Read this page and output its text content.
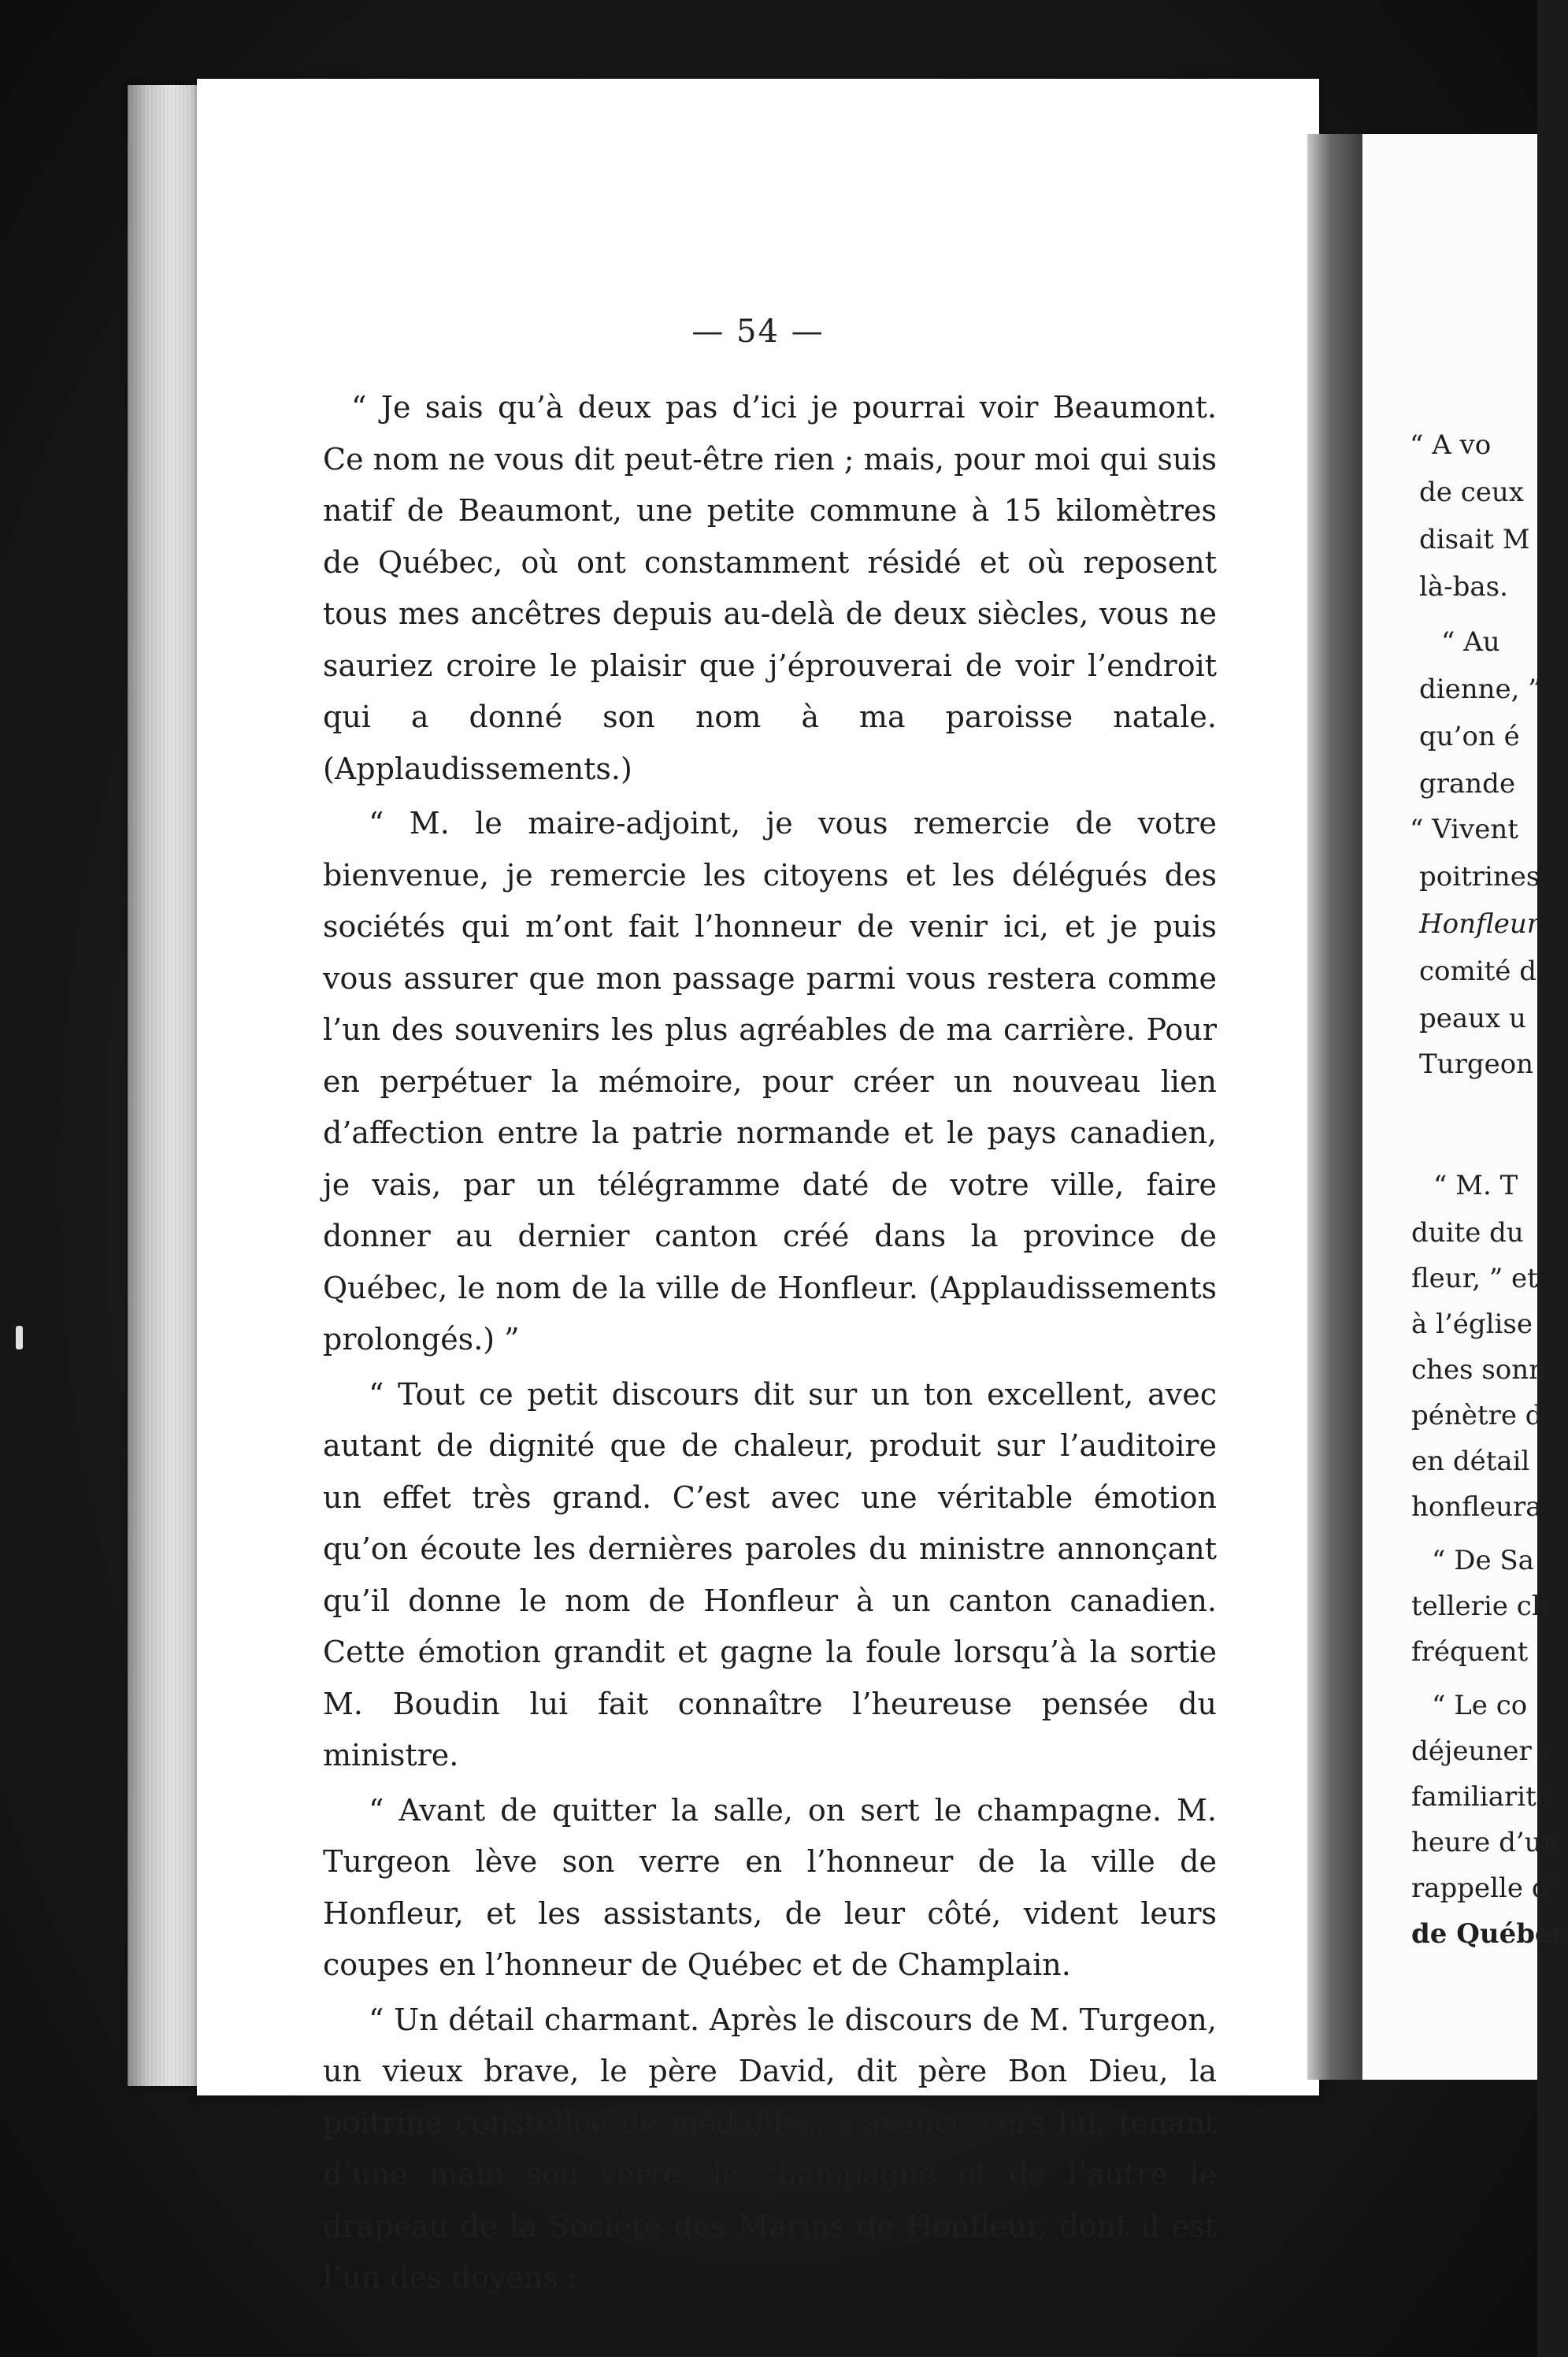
— 54 —

“ Je sais qu’à deux pas d’ici je pourrai voir Beaumont. Ce nom ne vous dit peut-être rien ; mais, pour moi qui suis natif de Beaumont, une petite commune à 15 kilomètres de Québec, où ont constamment résidé et où reposent tous mes ancêtres depuis au-delà de deux siècles, vous ne sauriez croire le plaisir que j’éprouverai de voir l’endroit qui a donné son nom à ma paroisse natale. (Applaudissements.)

“ M. le maire-adjoint, je vous remercie de votre bienvenue, je remercie les citoyens et les délégués des sociétés qui m’ont fait l’honneur de venir ici, et je puis vous assurer que mon passage parmi vous restera comme l’un des souvenirs les plus agréables de ma carrière. Pour en perpétuer la mémoire, pour créer un nouveau lien d’affection entre la patrie normande et le pays canadien, je vais, par un télégramme daté de votre ville, faire donner au dernier canton créé dans la province de Québec, le nom de la ville de Honfleur. (Applaudissements prolongés.) ”

“ Tout ce petit discours dit sur un ton excellent, avec autant de dignité que de chaleur, produit sur l’auditoire un effet très grand. C’est avec une véritable émotion qu’on écoute les dernières paroles du ministre annonçant qu’il donne le nom de Honfleur à un canton canadien. Cette émotion grandit et gagne la foule lorsqu’à la sortie M. Boudin lui fait connaître l’heureuse pensée du ministre.

“ Avant de quitter la salle, on sert le champagne. M. Turgeon lève son verre en l’honneur de la ville de Honfleur, et les assistants, de leur côté, vident leurs coupes en l’honneur de Québec et de Champlain.

“ Un détail charmant. Après le discours de M. Turgeon, un vieux brave, le père David, dit père Bon Dieu, la poitrine constellée de médailles, s’avance vers lui, tenant d’une main son verre de champagne et de l’autre le drapeau de la Société des Marins de Honfleur, dont il est l’un des doyens :

“ A vo
de ceux
disait M
là-bas.
“ Au
dienne, ”
qu’on é
grande
“ Vivent
poitrines
Honfleur
comité d
peaux u
Turgeon
“ M. T
duite du
fleur, ” et
à l’église
ches sonn
pénètre d
en détail
honfleura
“ De Sa
tellerie ch
fréquent
“ Le co
déjeuner i
familiarité
heure d’un
rappelle d’
de Québec
